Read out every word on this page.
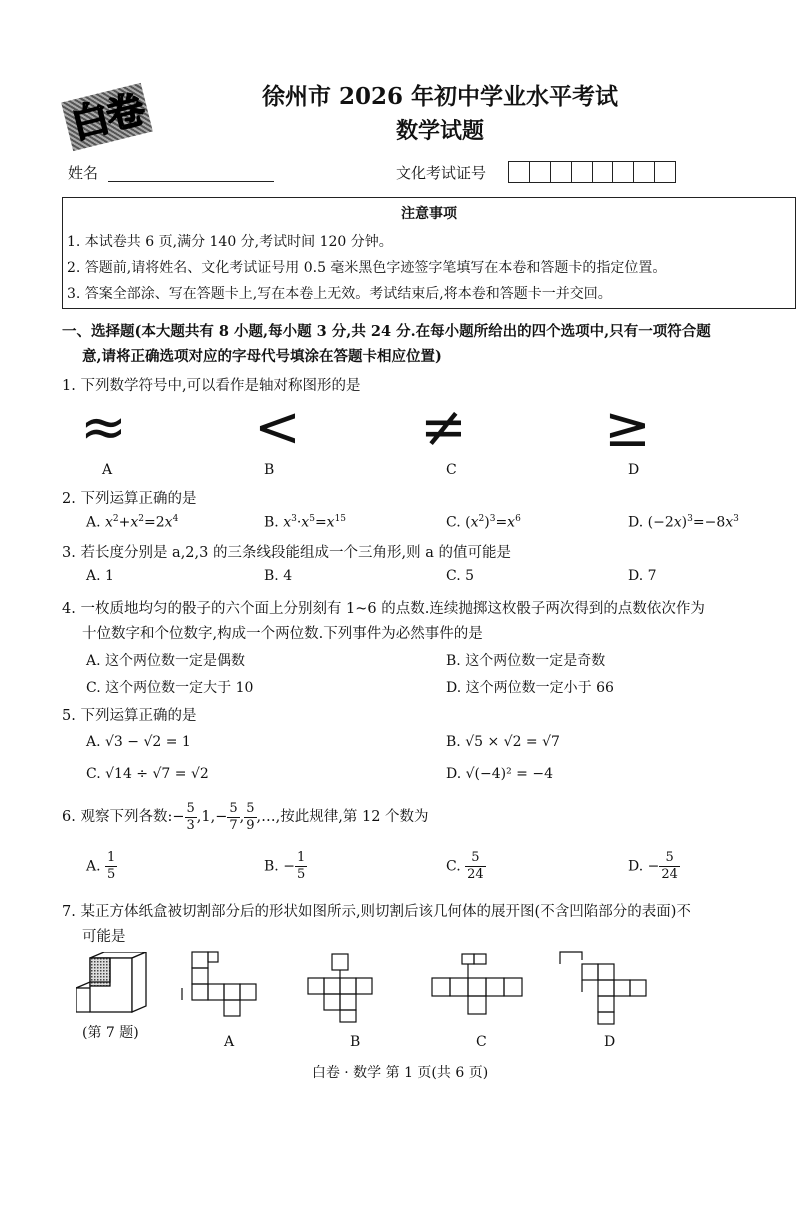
白卷	徐州市 2026 年初中学业水平考试
数学试题
姓名	文化考试证号
注意事项
1. 本试卷共 6 页,满分 140 分,考试时间 120 分钟。
2. 答题前,请将姓名、文化考试证号用 0.5 毫米黑色字迹签字笔填写在本卷和答题卡的指定位置。
3. 答案全部涂、写在答题卡上,写在本卷上无效。考试结束后,将本卷和答题卡一并交回。
一、选择题(本大题共有 8 小题,每小题 3 分,共 24 分.在每小题所给出的四个选项中,只有一项符合题
意,请将正确选项对应的字母代号填涂在答题卡相应位置)
1. 下列数学符号中,可以看作是轴对称图形的是
≈ < ≠ ≥
A	B	C	D
2. 下列运算正确的是
A. $x^2+x^2=2x^4$	B. $x^3\cdot x^5=x^{15}$	C. $(x^2)^3=x^6$	D. $(-2x)^3=-8x^3$
3. 若长度分别是 a,2,3 的三条线段能组成一个三角形,则 a 的值可能是
A. 1	B. 4	C. 5	D. 7
4. 一枚质地均匀的骰子的六个面上分别刻有 1~6 的点数.连续抛掷这枚骰子两次得到的点数依次作为
十位数字和个位数字,构成一个两位数.下列事件为必然事件的是
A. 这个两位数一定是偶数	B. 这个两位数一定是奇数
C. 这个两位数一定大于 10	D. 这个两位数一定小于 66
5. 下列运算正确的是
A. √3 − √2 = 1	B. √5 × √2 = √7
C. √14 ÷ √7 = √2	D. √(−4)² = −4
6. 观察下列各数:− $\frac{5}{3} ,1,- \frac{5}{7}$ , $\frac{5}{9}$ ,…,按此规律,第 12 个数为
A. $\frac{1}{5}$	B. − $\frac{1}{5}$	C. $\frac{5}{24}$	D. − $\frac{5}{24}$
7. 某正方体纸盒被切割部分后的形状如图所示,则切割后该几何体的展开图(不含凹陷部分的表面)不
可能是
(第 7 题)
A	B	C	D
白卷 · 数学 第 1 页(共 6 页)
